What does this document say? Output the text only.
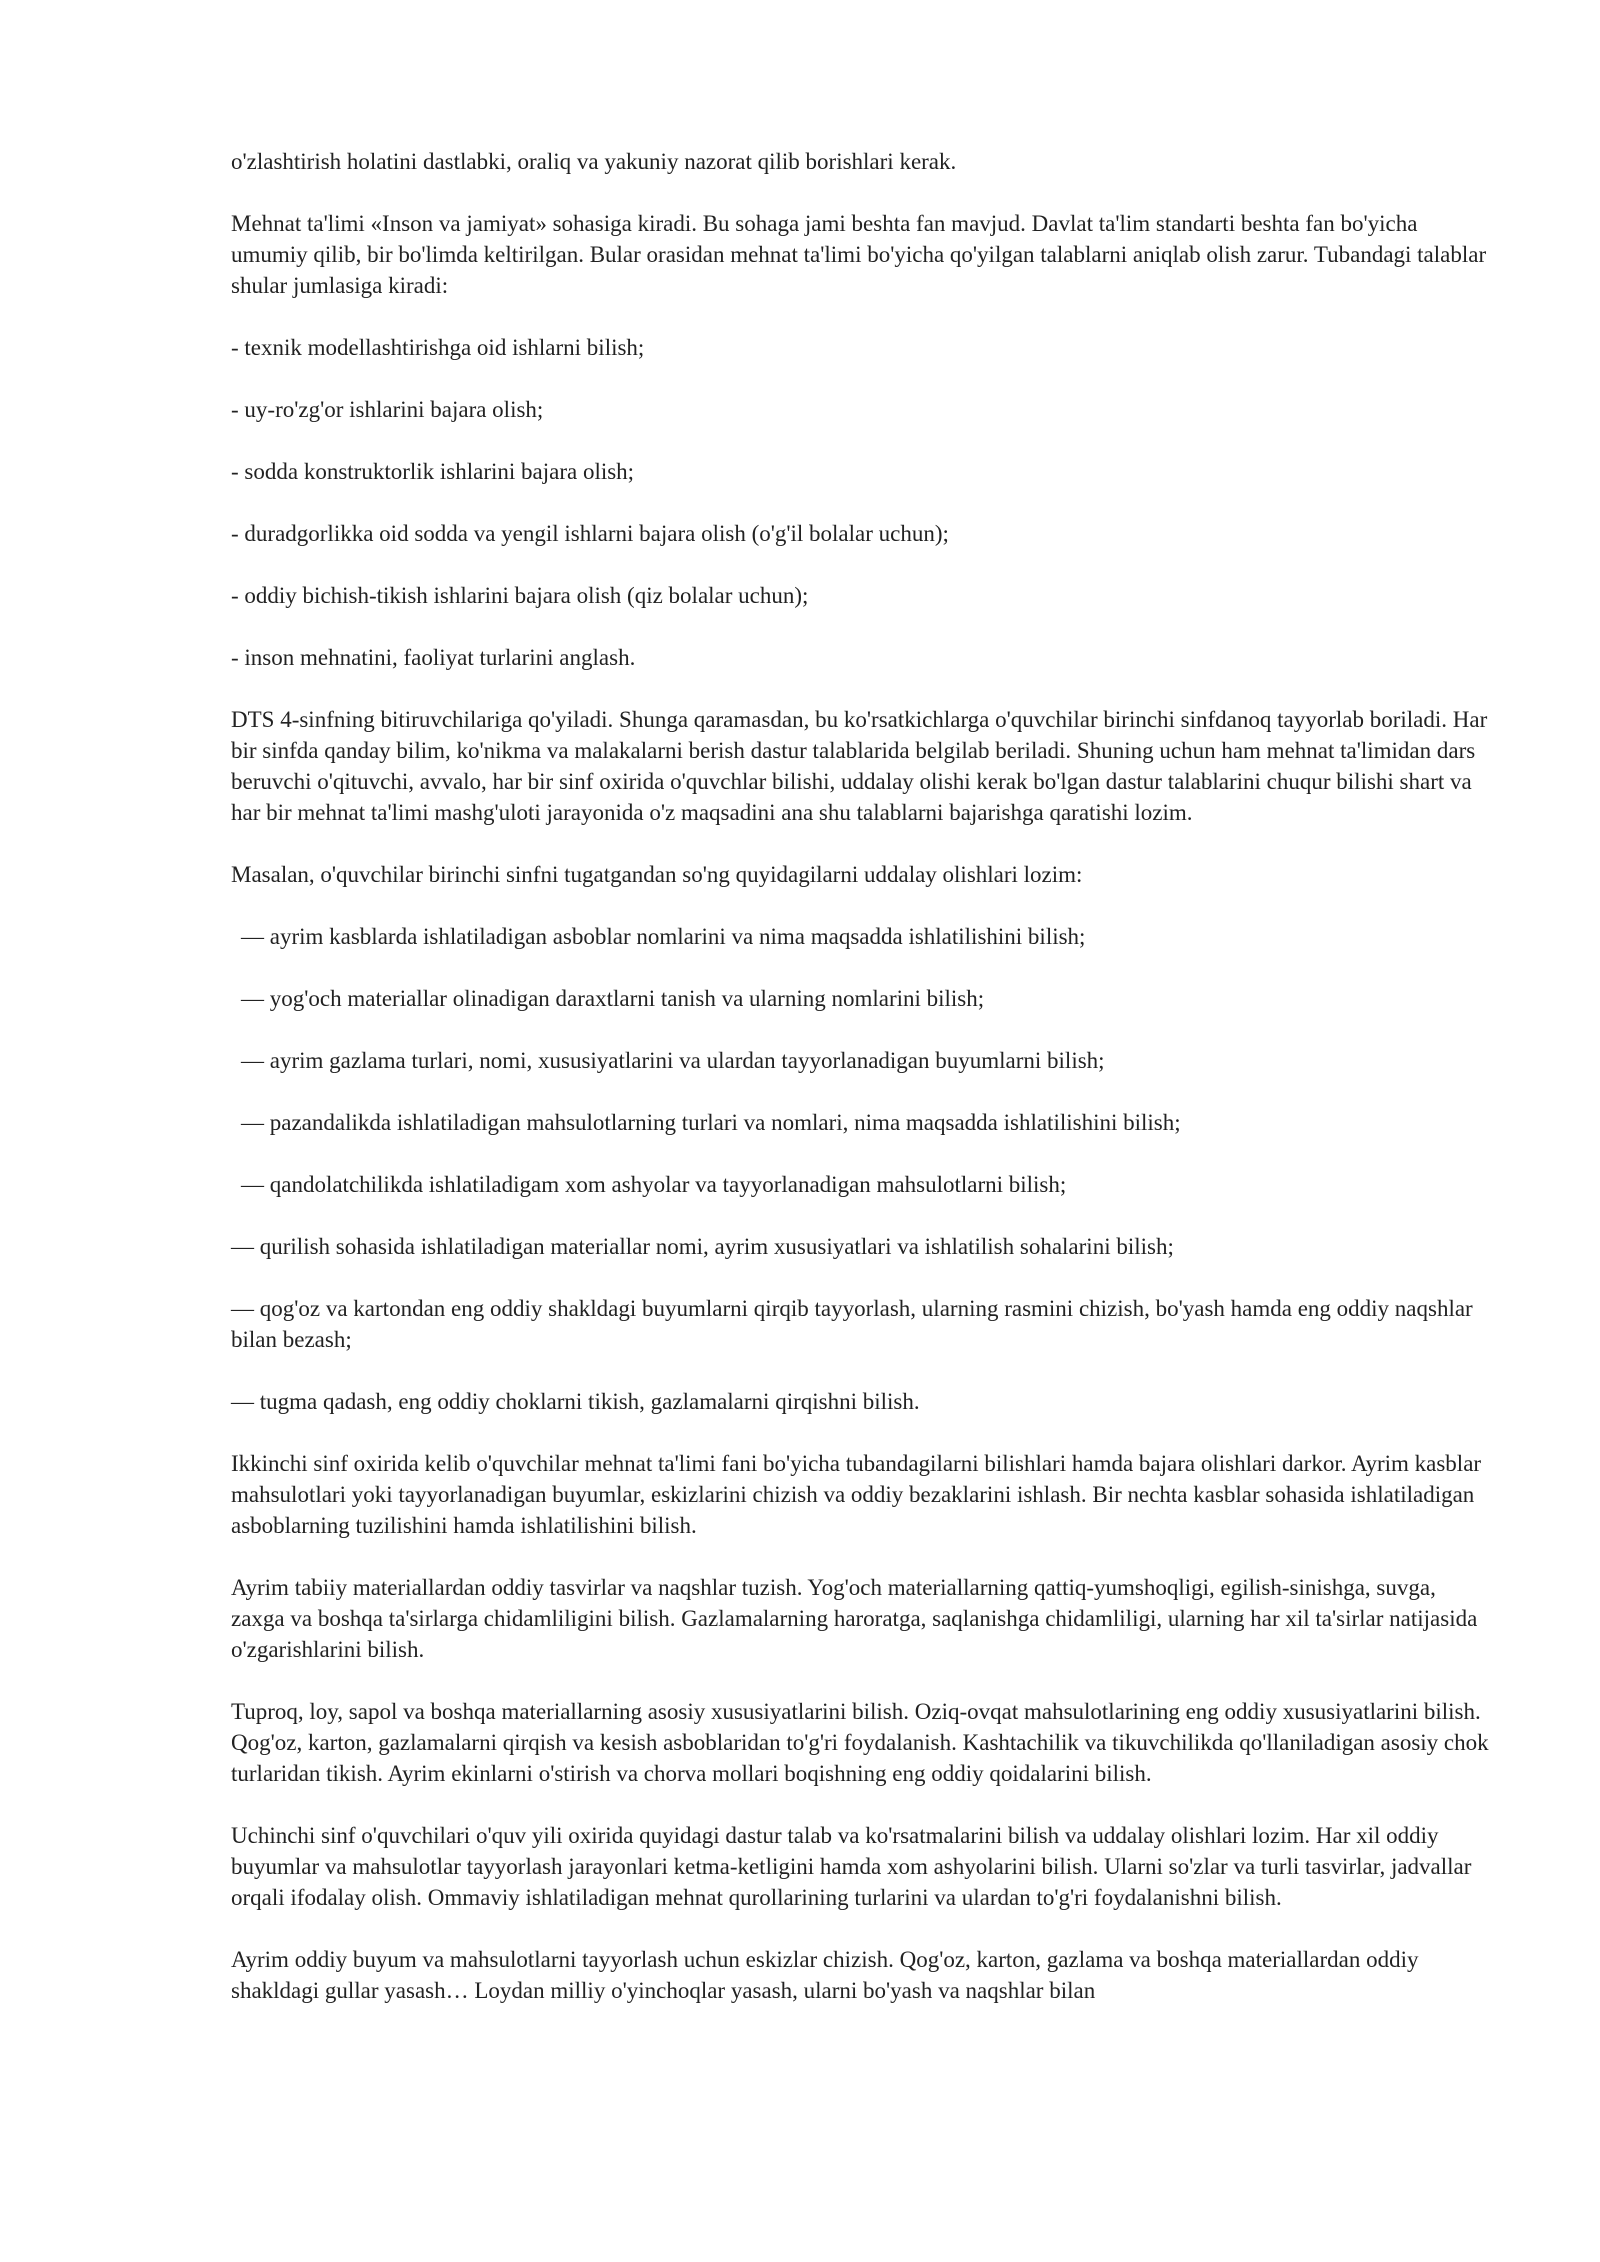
o'zlashtirish holatini dastlabki, oraliq va yakuniy nazorat qilib borishlari kerak.

Mehnat ta'limi «Inson va jamiyat» sohasiga kiradi. Bu sohaga jami beshta fan mavjud. Davlat ta'lim standarti beshta fan bo'yicha umumiy qilib, bir bo'limda keltirilgan. Bular orasidan mehnat ta'limi bo'yicha qo'yilgan talablarni aniqlab olish zarur. Tubandagi talablar shular jumlasiga kiradi:

- texnik modellashtirishga oid ishlarni bilish;

- uy-ro'zg'or ishlarini bajara olish;

- sodda konstruktorlik ishlarini bajara olish;

- duradgorlikka oid sodda va yengil ishlarni bajara olish (o'g'il bolalar uchun);

- oddiy bichish-tikish ishlarini bajara olish (qiz bolalar uchun);

- inson mehnatini, faoliyat turlarini anglash.

DTS 4-sinfning bitiruvchilariga qo'yiladi. Shunga qaramasdan, bu ko'rsatkichlarga o'quvchilar birinchi sinfdanoq tayyorlab boriladi. Har bir sinfda qanday bilim, ko'nikma va malakalarni berish dastur talablarida belgilab beriladi. Shuning uchun ham mehnat ta'limidan dars beruvchi o'qituvchi, avvalo, har bir sinf oxirida o'quvchlar bilishi, uddalay olishi kerak bo'lgan dastur talablarini chuqur bilishi shart va har bir mehnat ta'limi mashg'uloti jarayonida o'z maqsadini ana shu talablarni bajarishga qaratishi lozim.

Masalan, o'quvchilar birinchi sinfni tugatgandan so'ng quyidagilarni uddalay olishlari lozim:

— ayrim kasblarda ishlatiladigan asboblar nomlarini va nima maqsadda ishlatilishini bilish;

— yog'och materiallar olinadigan daraxtlarni tanish va ularning nomlarini bilish;

— ayrim gazlama turlari, nomi, xususiyatlarini va ulardan tayyorlanadigan buyumlarni bilish;

— pazandalikda ishlatiladigan mahsulotlarning turlari va nomlari, nima maqsadda ishlatilishini bilish;

— qandolatchilikda ishlatiladigam xom ashyolar va tayyorlanadigan mahsulotlarni bilish;

— qurilish sohasida ishlatiladigan materiallar nomi, ayrim xususiyatlari va ishlatilish sohalarini bilish;

— qog'oz va kartondan eng oddiy shakldagi buyumlarni qirqib tayyorlash, ularning rasmini chizish, bo'yash hamda eng oddiy naqshlar bilan bezash;

— tugma qadash, eng oddiy choklarni tikish, gazlamalarni qirqishni bilish.

Ikkinchi sinf oxirida kelib o'quvchilar mehnat ta'limi fani bo'yicha tubandagilarni bilishlari hamda bajara olishlari darkor. Ayrim kasblar mahsulotlari yoki tayyorlanadigan buyumlar, eskizlarini chizish va oddiy bezaklarini ishlash. Bir nechta kasblar sohasida ishlatiladigan asboblarning tuzilishini hamda ishlatilishini bilish.

Ayrim tabiiy materiallardan oddiy tasvirlar va naqshlar tuzish. Yog'och materiallarning qattiq-yumshoqligi, egilish-sinishga, suvga, zaxga va boshqa ta'sirlarga chidamliligini bilish. Gazlamalarning haroratga, saqlanishga chidamliligi, ularning har xil ta'sirlar natijasida o'zgarishlarini bilish.

Tuproq, loy, sapol va boshqa materiallarning asosiy xususiyatlarini bilish. Oziq-ovqat mahsulotlarining eng oddiy xususiyatlarini bilish. Qog'oz, karton, gazlamalarni qirqish va kesish asboblaridan to'g'ri foydalanish. Kashtachilik va tikuvchilikda qo'llaniladigan asosiy chok turlaridan tikish. Ayrim ekinlarni o'stirish va chorva mollari boqishning eng oddiy qoidalarini bilish.

Uchinchi sinf o'quvchilari o'quv yili oxirida quyidagi dastur talab va ko'rsatmalarini bilish va uddalay olishlari lozim. Har xil oddiy buyumlar va mahsulotlar tayyorlash jarayonlari ketma-ketligini hamda xom ashyolarini bilish. Ularni so'zlar va turli tasvirlar, jadvallar orqali ifodalay olish. Ommaviy ishlatiladigan mehnat qurollarining turlarini va ulardan to'g'ri foydalanishni bilish.

Ayrim oddiy buyum va mahsulotlarni tayyorlash uchun eskizlar chizish. Qog'oz, karton, gazlama va boshqa materiallardan oddiy shakldagi gullar yasash… Loydan milliy o'yinchoqlar yasash, ularni bo'yash va naqshlar bilan
